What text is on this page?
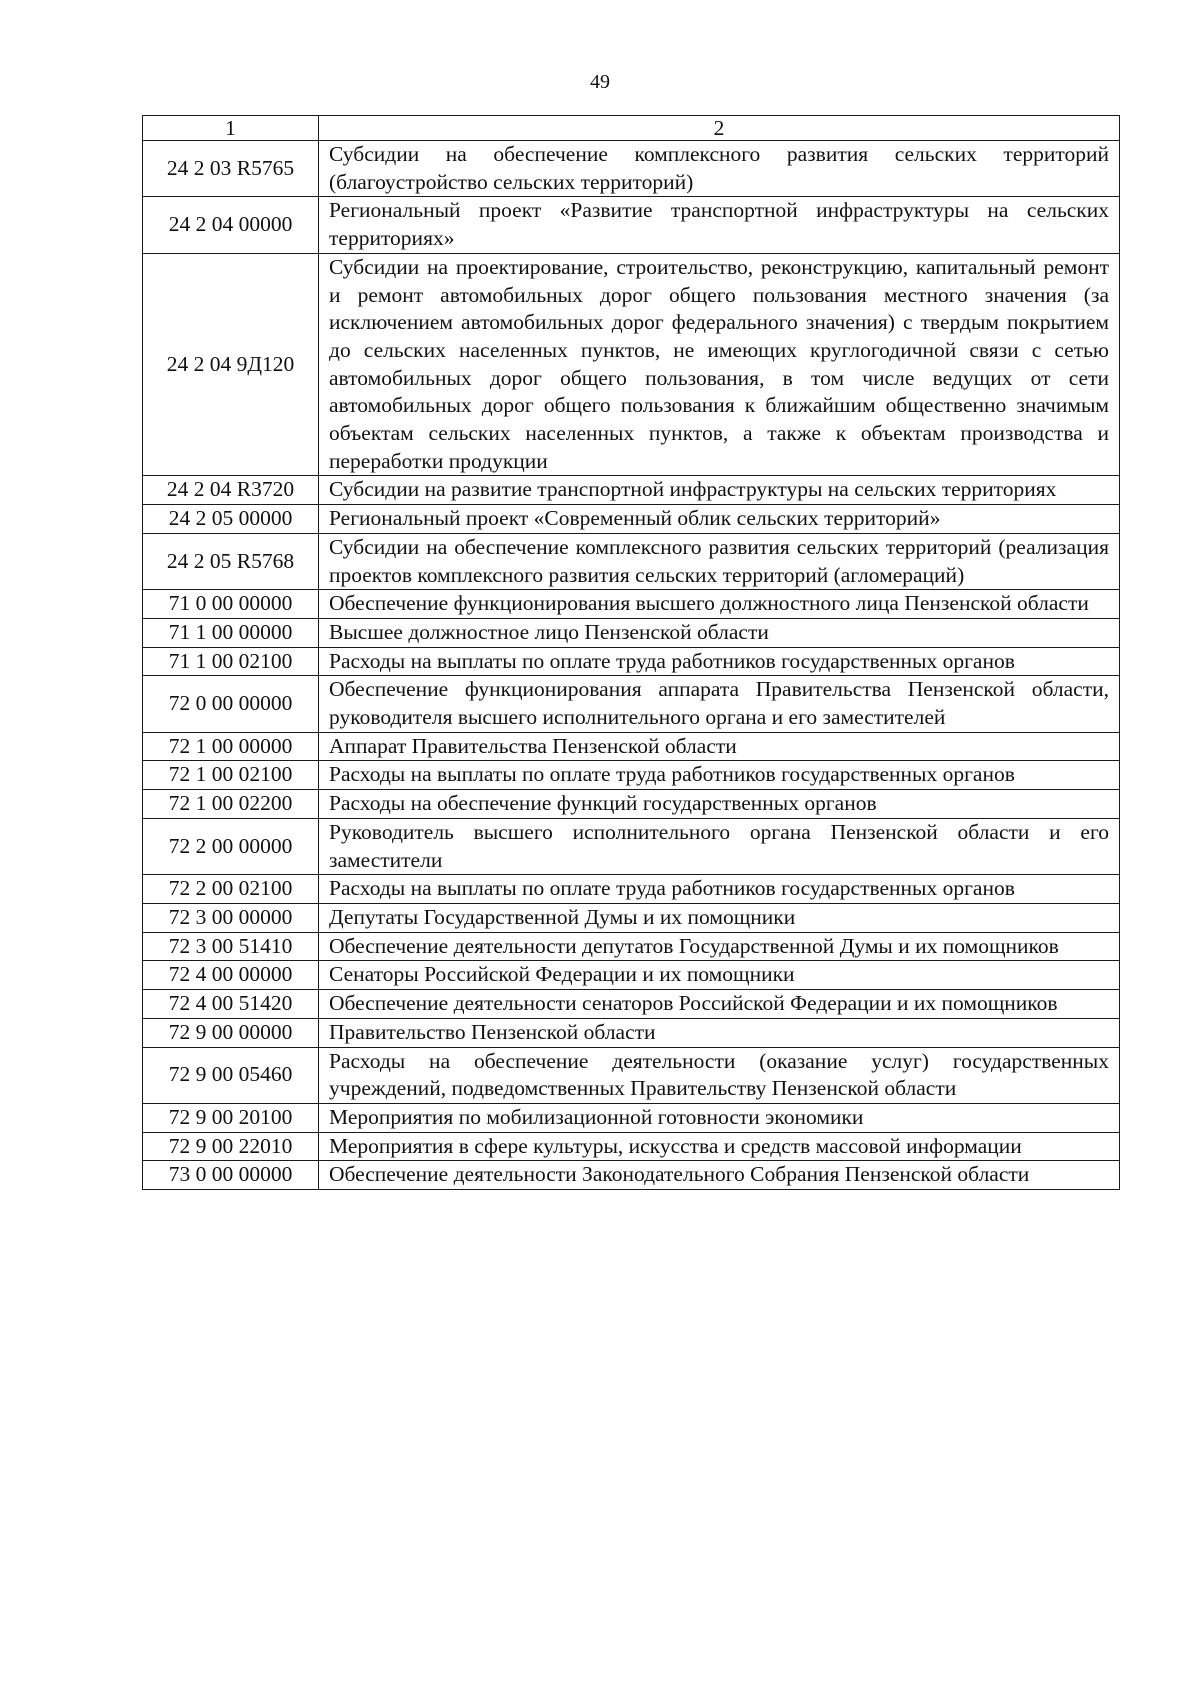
49
1	2
24 2 03 R5765	Субсидии на обеспечение комплексного развития сельских территорий (благоустройство сельских территорий)
24 2 04 00000	Региональный проект «Развитие транспортной инфраструктуры на сельских территориях»
24 2 04 9Д120	Субсидии на проектирование, строительство, реконструкцию, капитальный ремонт и ремонт автомобильных дорог общего пользования местного значения (за исключением автомобильных дорог федерального значения) с твердым покрытием до сельских населенных пунктов, не имеющих круглогодичной связи с сетью автомобильных дорог общего пользования, в том числе ведущих от сети автомобильных дорог общего пользования к ближайшим общественно значимым объектам сельских населенных пунктов, а также к объектам производства и переработки продукции
24 2 04 R3720	Субсидии на развитие транспортной инфраструктуры на сельских территориях
24 2 05 00000	Региональный проект «Современный облик сельских территорий»
24 2 05 R5768	Субсидии на обеспечение комплексного развития сельских территорий (реализация проектов комплексного развития сельских территорий (агломераций)
71 0 00 00000	Обеспечение функционирования высшего должностного лица Пензенской области
71 1 00 00000	Высшее должностное лицо Пензенской области
71 1 00 02100	Расходы на выплаты по оплате труда работников государственных органов
72 0 00 00000	Обеспечение функционирования аппарата Правительства Пензенской области, руководителя высшего исполнительного органа и его заместителей
72 1 00 00000	Аппарат Правительства Пензенской области
72 1 00 02100	Расходы на выплаты по оплате труда работников государственных органов
72 1 00 02200	Расходы на обеспечение функций государственных органов
72 2 00 00000	Руководитель высшего исполнительного органа Пензенской области и его заместители
72 2 00 02100	Расходы на выплаты по оплате труда работников государственных органов
72 3 00 00000	Депутаты Государственной Думы и их помощники
72 3 00 51410	Обеспечение деятельности депутатов Государственной Думы и их помощников
72 4 00 00000	Сенаторы Российской Федерации и их помощники
72 4 00 51420	Обеспечение деятельности сенаторов Российской Федерации и их помощников
72 9 00 00000	Правительство Пензенской области
72 9 00 05460	Расходы на обеспечение деятельности (оказание услуг) государственных учреждений, подведомственных Правительству Пензенской области
72 9 00 20100	Мероприятия по мобилизационной готовности экономики
72 9 00 22010	Мероприятия в сфере культуры, искусства и средств массовой информации
73 0 00 00000	Обеспечение деятельности Законодательного Собрания Пензенской области
